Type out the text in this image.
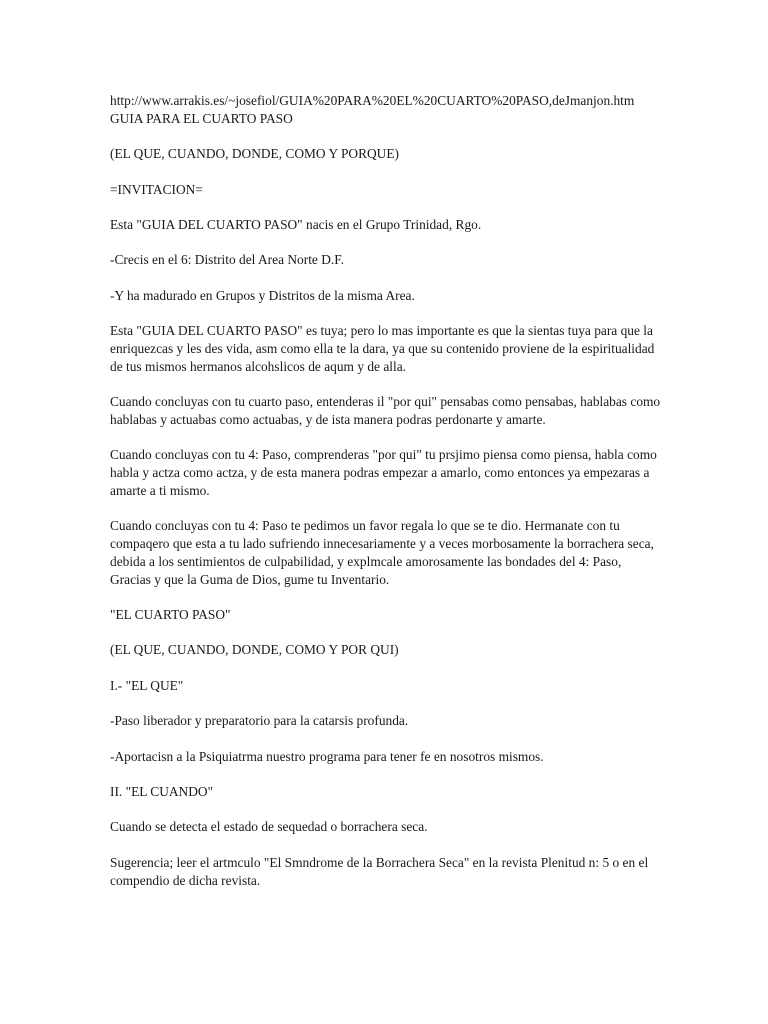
http://www.arrakis.es/~josefiol/GUIA%20PARA%20EL%20CUARTO%20PASO,deJmanjon.htm
GUIA PARA EL CUARTO PASO

(EL QUE, CUANDO, DONDE, COMO Y PORQUE)

=INVITACION=

Esta "GUIA DEL CUARTO PASO" nacis en el Grupo Trinidad, Rgo.

-Crecis en el 6: Distrito del Area Norte D.F.

-Y ha madurado en Grupos y Distritos de la misma Area.

Esta "GUIA DEL CUARTO PASO" es tuya; pero lo mas importante es que la sientas tuya para que la enriquezcas y les des vida, asm como ella te la dara, ya que su contenido proviene de la espiritualidad de tus mismos hermanos alcohslicos de aqum y de alla.

Cuando concluyas con tu cuarto paso, entenderas il "por qui" pensabas como pensabas, hablabas como hablabas y actuabas como actuabas, y de ista manera podras perdonarte y amarte.

Cuando concluyas con tu 4: Paso, comprenderas "por qui" tu prsjimo piensa como piensa, habla como habla y actza como actza, y de esta manera podras empezar a amarlo, como entonces ya empezaras a amarte a ti mismo.

Cuando concluyas con tu 4: Paso te pedimos un favor regala lo que se te dio. Hermanate con tu compaqero que esta a tu lado sufriendo innecesariamente y a veces morbosamente la borrachera seca, debida a los sentimientos de culpabilidad, y explmcale amorosamente las bondades del 4: Paso, Gracias y que la Guma de Dios, gume tu Inventario.

"EL CUARTO PASO"

(EL QUE, CUANDO, DONDE, COMO Y POR QUI)

I.- "EL QUE"

-Paso liberador y preparatorio para la catarsis profunda.

-Aportacisn a la Psiquiatrma nuestro programa para tener fe en nosotros mismos.

II. "EL CUANDO"

Cuando se detecta el estado de sequedad o borrachera seca.

Sugerencia; leer el artmculo "El Smndrome de la Borrachera Seca" en la revista Plenitud n: 5 o en el compendio de dicha revista.
